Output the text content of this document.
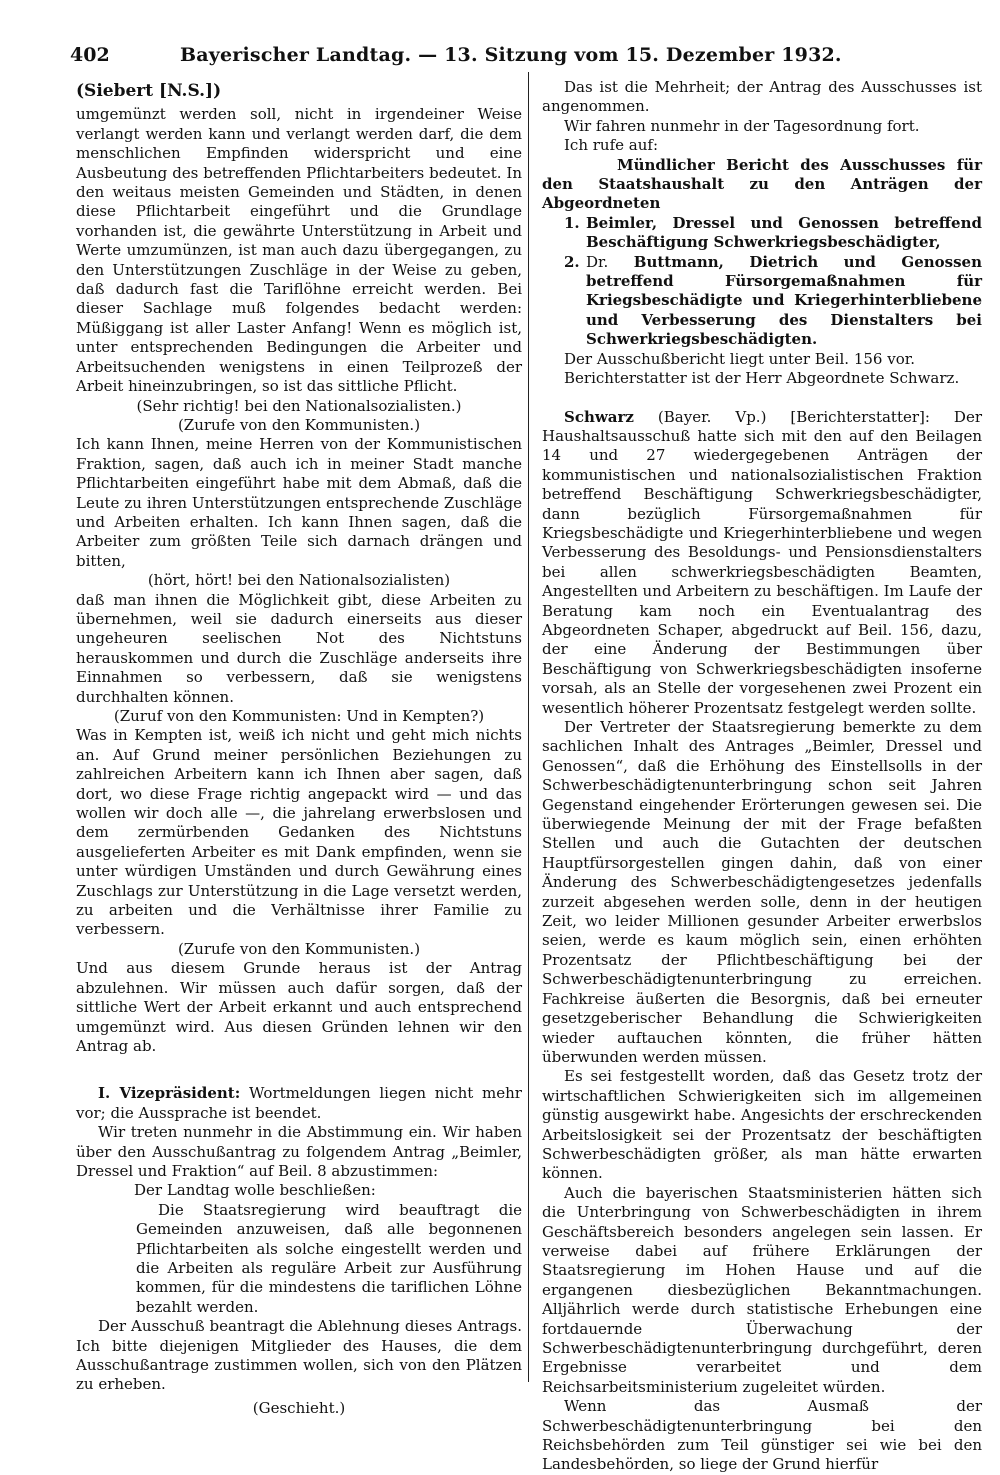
402	Bayerischer Landtag. — 13. Sitzung vom 15. Dezember 1932.

(Siebert [N.S.])

umgemünzt werden soll, nicht in irgendeiner Weise verlangt werden kann und verlangt werden darf, die dem menschlichen Empfinden widerspricht und eine Ausbeutung des betreffenden Pflichtarbeiters bedeutet. In den weitaus meisten Gemeinden und Städten, in denen diese Pflichtarbeit eingeführt und die Grundlage vorhanden ist, die gewährte Unterstützung in Arbeit und Werte umzumünzen, ist man auch dazu übergegangen, zu den Unterstützungen Zuschläge in der Weise zu geben, daß dadurch fast die Tariflöhne erreicht werden. Bei dieser Sachlage muß folgendes bedacht werden: Müßiggang ist aller Laster Anfang! Wenn es möglich ist, unter entsprechenden Bedingungen die Arbeiter und Arbeitsuchenden wenigstens in einen Teilprozeß der Arbeit hineinzubringen, so ist das sittliche Pflicht.

(Sehr richtig! bei den Nationalsozialisten.)

(Zurufe von den Kommunisten.)

Ich kann Ihnen, meine Herren von der Kommunistischen Fraktion, sagen, daß auch ich in meiner Stadt manche Pflichtarbeiten eingeführt habe mit dem Abmaß, daß die Leute zu ihren Unterstützungen entsprechende Zuschläge und Arbeiten erhalten. Ich kann Ihnen sagen, daß die Arbeiter zum größten Teile sich darnach drängen und bitten,

(hört, hört! bei den Nationalsozialisten)

daß man ihnen die Möglichkeit gibt, diese Arbeiten zu übernehmen, weil sie dadurch einerseits aus dieser ungeheuren seelischen Not des Nichtstuns herauskommen und durch die Zuschläge anderseits ihre Einnahmen so verbessern, daß sie wenigstens durchhalten können.

(Zuruf von den Kommunisten: Und in Kempten?)

Was in Kempten ist, weiß ich nicht und geht mich nichts an. Auf Grund meiner persönlichen Beziehungen zu zahlreichen Arbeitern kann ich Ihnen aber sagen, daß dort, wo diese Frage richtig angepackt wird — und das wollen wir doch alle —, die jahrelang erwerbslosen und dem zermürbenden Gedanken des Nichtstuns ausgelieferten Arbeiter es mit Dank empfinden, wenn sie unter würdigen Umständen und durch Gewährung eines Zuschlags zur Unterstützung in die Lage versetzt werden, zu arbeiten und die Verhältnisse ihrer Familie zu verbessern.

(Zurufe von den Kommunisten.)

Und aus diesem Grunde heraus ist der Antrag abzulehnen. Wir müssen auch dafür sorgen, daß der sittliche Wert der Arbeit erkannt und auch entsprechend umgemünzt wird. Aus diesen Gründen lehnen wir den Antrag ab.

I. Vizepräsident: Wortmeldungen liegen nicht mehr vor; die Aussprache ist beendet.

Wir treten nunmehr in die Abstimmung ein. Wir haben über den Ausschußantrag zu folgendem Antrag „Beimler, Dressel und Fraktion“ auf Beil. 8 abzustimmen:

Der Landtag wolle beschließen:

Die Staatsregierung wird beauftragt die Gemeinden anzuweisen, daß alle begonnenen Pflichtarbeiten als solche eingestellt werden und die Arbeiten als reguläre Arbeit zur Ausführung kommen, für die mindestens die tariflichen Löhne bezahlt werden.

Der Ausschuß beantragt die Ablehnung dieses Antrags. Ich bitte diejenigen Mitglieder des Hauses, die dem Ausschußantrage zustimmen wollen, sich von den Plätzen zu erheben.

(Geschieht.)

Das ist die Mehrheit; der Antrag des Ausschusses ist angenommen.

Wir fahren nunmehr in der Tagesordnung fort.

Ich rufe auf:

Mündlicher Bericht des Ausschusses für den Staatshaushalt zu den Anträgen der Abgeordneten

1. Beimler, Dressel und Genossen betreffend Beschäftigung Schwerkriegsbeschädigter,

2. Dr. Buttmann, Dietrich und Genossen betreffend Fürsorgemaßnahmen für Kriegsbeschädigte und Kriegerhinterbliebene und Verbesserung des Dienstalters bei Schwerkriegsbeschädigten.

Der Ausschußbericht liegt unter Beil. 156 vor.

Berichterstatter ist der Herr Abgeordnete Schwarz.

Schwarz (Bayer. Vp.) [Berichterstatter]: Der Haushaltsausschuß hatte sich mit den auf den Beilagen 14 und 27 wiedergegebenen Anträgen der kommunistischen und nationalsozialistischen Fraktion betreffend Beschäftigung Schwerkriegsbeschädigter, dann bezüglich Fürsorgemaßnahmen für Kriegsbeschädigte und Kriegerhinterbliebene und wegen Verbesserung des Besoldungs- und Pensionsdienstalters bei allen schwerkriegsbeschädigten Beamten, Angestellten und Arbeitern zu beschäftigen. Im Laufe der Beratung kam noch ein Eventualantrag des Abgeordneten Schaper, abgedruckt auf Beil. 156, dazu, der eine Änderung der Bestimmungen über Beschäftigung von Schwerkriegsbeschädigten insoferne vorsah, als an Stelle der vorgesehenen zwei Prozent ein wesentlich höherer Prozentsatz festgelegt werden sollte.

Der Vertreter der Staatsregierung bemerkte zu dem sachlichen Inhalt des Antrages „Beimler, Dressel und Genossen“, daß die Erhöhung des Einstellsolls in der Schwerbeschädigtenunterbringung schon seit Jahren Gegenstand eingehender Erörterungen gewesen sei. Die überwiegende Meinung der mit der Frage befaßten Stellen und auch die Gutachten der deutschen Hauptfürsorgestellen gingen dahin, daß von einer Änderung des Schwerbeschädigtengesetzes jedenfalls zurzeit abgesehen werden solle, denn in der heutigen Zeit, wo leider Millionen gesunder Arbeiter erwerbslos seien, werde es kaum möglich sein, einen erhöhten Prozentsatz der Pflichtbeschäftigung bei der Schwerbeschädigtenunterbringung zu erreichen. Fachkreise äußerten die Besorgnis, daß bei erneuter gesetzgeberischer Behandlung die Schwierigkeiten wieder auftauchen könnten, die früher hätten überwunden werden müssen.

Es sei festgestellt worden, daß das Gesetz trotz der wirtschaftlichen Schwierigkeiten sich im allgemeinen günstig ausgewirkt habe. Angesichts der erschreckenden Arbeitslosigkeit sei der Prozentsatz der beschäftigten Schwerbeschädigten größer, als man hätte erwarten können.

Auch die bayerischen Staatsministerien hätten sich die Unterbringung von Schwerbeschädigten in ihrem Geschäftsbereich besonders angelegen sein lassen. Er verweise dabei auf frühere Erklärungen der Staatsregierung im Hohen Hause und auf die ergangenen diesbezüglichen Bekanntmachungen. Alljährlich werde durch statistische Erhebungen eine fortdauernde Überwachung der Schwerbeschädigtenunterbringung durchgeführt, deren Ergebnisse verarbeitet und dem Reichsarbeitsministerium zugeleitet würden.

Wenn das Ausmaß der Schwerbeschädigtenunterbringung bei den Reichsbehörden zum Teil günstiger sei wie bei den Landesbehörden, so liege der Grund hierfür
